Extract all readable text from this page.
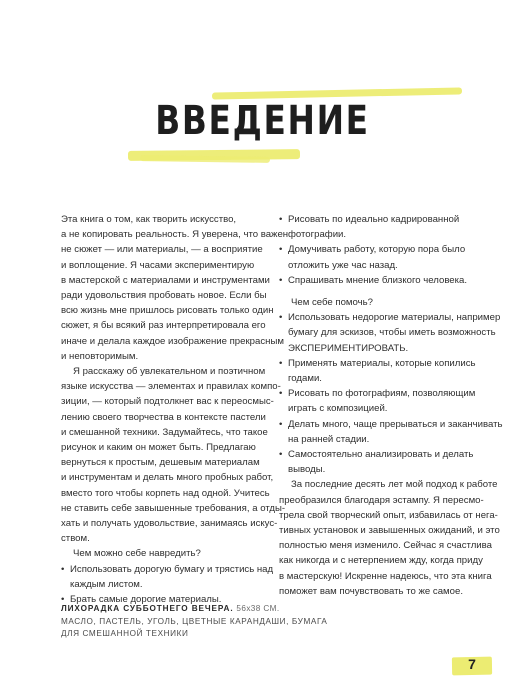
ВВЕДЕНИЕ
Эта книга о том, как творить искусство,
а не копировать реальность. Я уверена, что важен
не сюжет — или материалы, — а восприятие
и воплощение. Я часами экспериментирую
в мастерской с материалами и инструментами
ради удовольствия пробовать новое. Если бы
всю жизнь мне пришлось рисовать только один
сюжет, я бы всякий раз интерпретировала его
иначе и делала каждое изображение прекрасным
и неповторимым.
Я расскажу об увлекательном и поэтичном
языке искусства — элементах и правилах компо-
зиции, — который подтолкнет вас к переосмыс-
лению своего творчества в контексте пастели
и смешанной техники. Задумайтесь, что такое
рисунок и каким он может быть. Предлагаю
вернуться к простым, дешевым материалам
и инструментам и делать много пробных работ,
вместо того чтобы корпеть над одной. Учитесь
не ставить себе завышенные требования, а отды-
хать и получать удовольствие, занимаясь искус-
ством.
Чем можно себе навредить?
• Использовать дорогую бумагу и трястись над
каждым листом.
• Брать самые дорогие материалы.
• Рисовать по идеально кадрированной
фотографии.
• Домучивать работу, которую пора было
отложить уже час назад.
• Спрашивать мнение близкого человека.
Чем себе помочь?
• Использовать недорогие материалы, например
бумагу для эскизов, чтобы иметь возможность
ЭКСПЕРИМЕНТИРОВАТЬ.
• Применять материалы, которые копились
годами.
• Рисовать по фотографиям, позволяющим
играть с композицией.
• Делать много, чаще прерываться и заканчивать
на ранней стадии.
• Самостоятельно анализировать и делать
выводы.
За последние десять лет мой подход к работе
преобразился благодаря эстампу. Я пересмо-
трела свой творческий опыт, избавилась от нега-
тивных установок и завышенных ожиданий, и это
полностью меня изменило. Сейчас я счастлива
как никогда и с нетерпением жду, когда приду
в мастерскую! Искренне надеюсь, что эта книга
поможет вам почувствовать то же самое.
ЛИХОРАДКА СУББОТНЕГО ВЕЧЕРА. 56x38 СМ.
МАСЛО, ПАСТЕЛЬ, УГОЛЬ, ЦВЕТНЫЕ КАРАНДАШИ, БУМАГА
ДЛЯ СМЕШАННОЙ ТЕХНИКИ
7
